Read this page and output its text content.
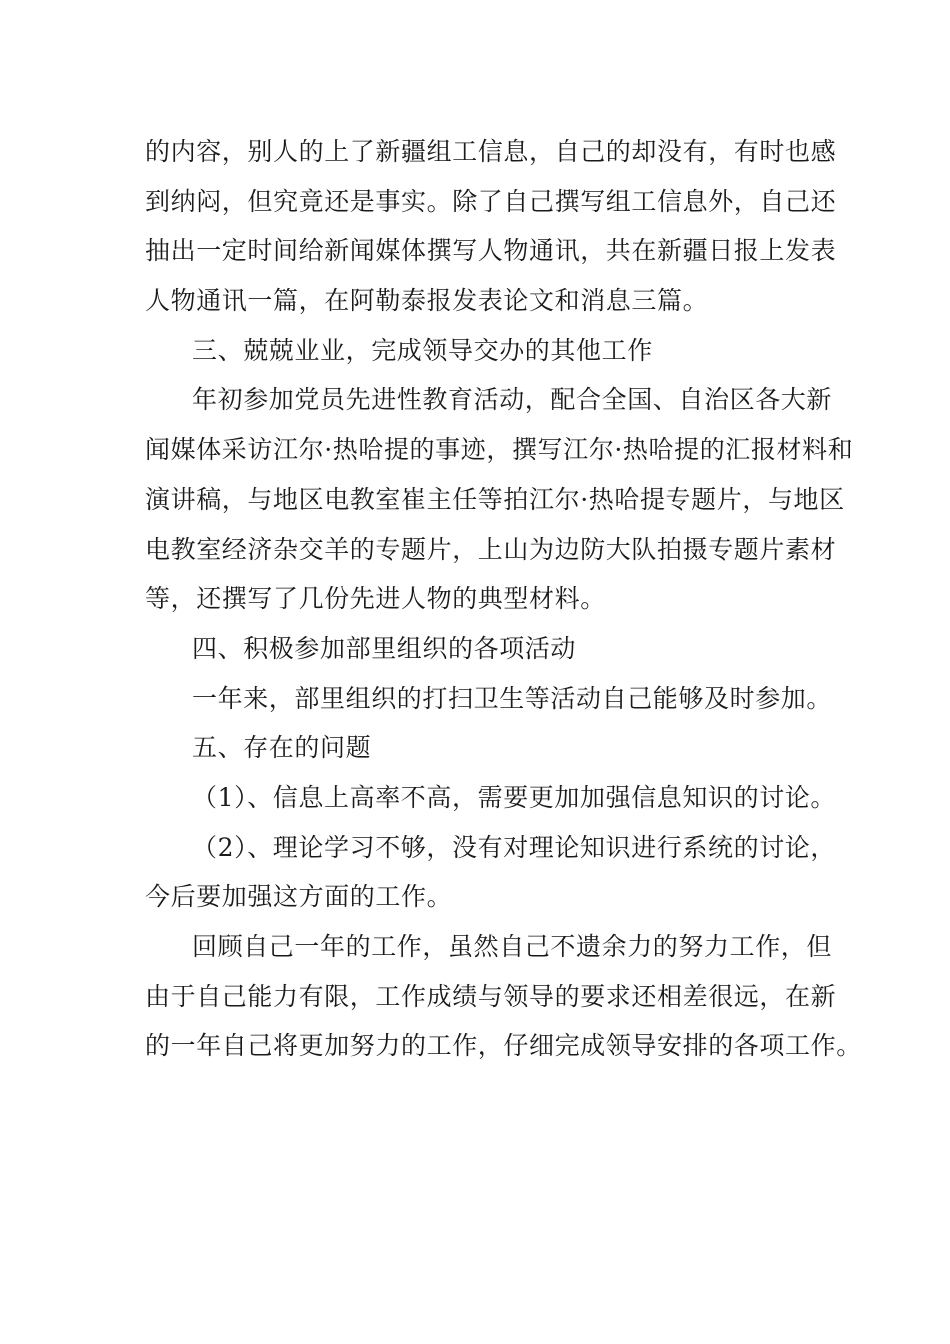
的内容，别人的上了新疆组工信息，自己的却没有，有时也感
到纳闷，但究竟还是事实。除了自己撰写组工信息外，自己还
抽出一定时间给新闻媒体撰写人物通讯，共在新疆日报上发表
人物通讯一篇，在阿勒泰报发表论文和消息三篇。
三、兢兢业业，完成领导交办的其他工作
年初参加党员先进性教育活动，配合全国、自治区各大新
闻媒体采访江尔·热哈提的事迹，撰写江尔·热哈提的汇报材料和
演讲稿，与地区电教室崔主任等拍江尔·热哈提专题片，与地区
电教室经济杂交羊的专题片，上山为边防大队拍摄专题片素材
等，还撰写了几份先进人物的典型材料。
四、积极参加部里组织的各项活动
一年来，部里组织的打扫卫生等活动自己能够及时参加。
五、存在的问题
（1）、信息上高率不高，需要更加加强信息知识的讨论。
（2）、理论学习不够，没有对理论知识进行系统的讨论，
今后要加强这方面的工作。
回顾自己一年的工作，虽然自己不遗余力的努力工作，但
由于自己能力有限，工作成绩与领导的要求还相差很远，在新
的一年自己将更加努力的工作，仔细完成领导安排的各项工作。
